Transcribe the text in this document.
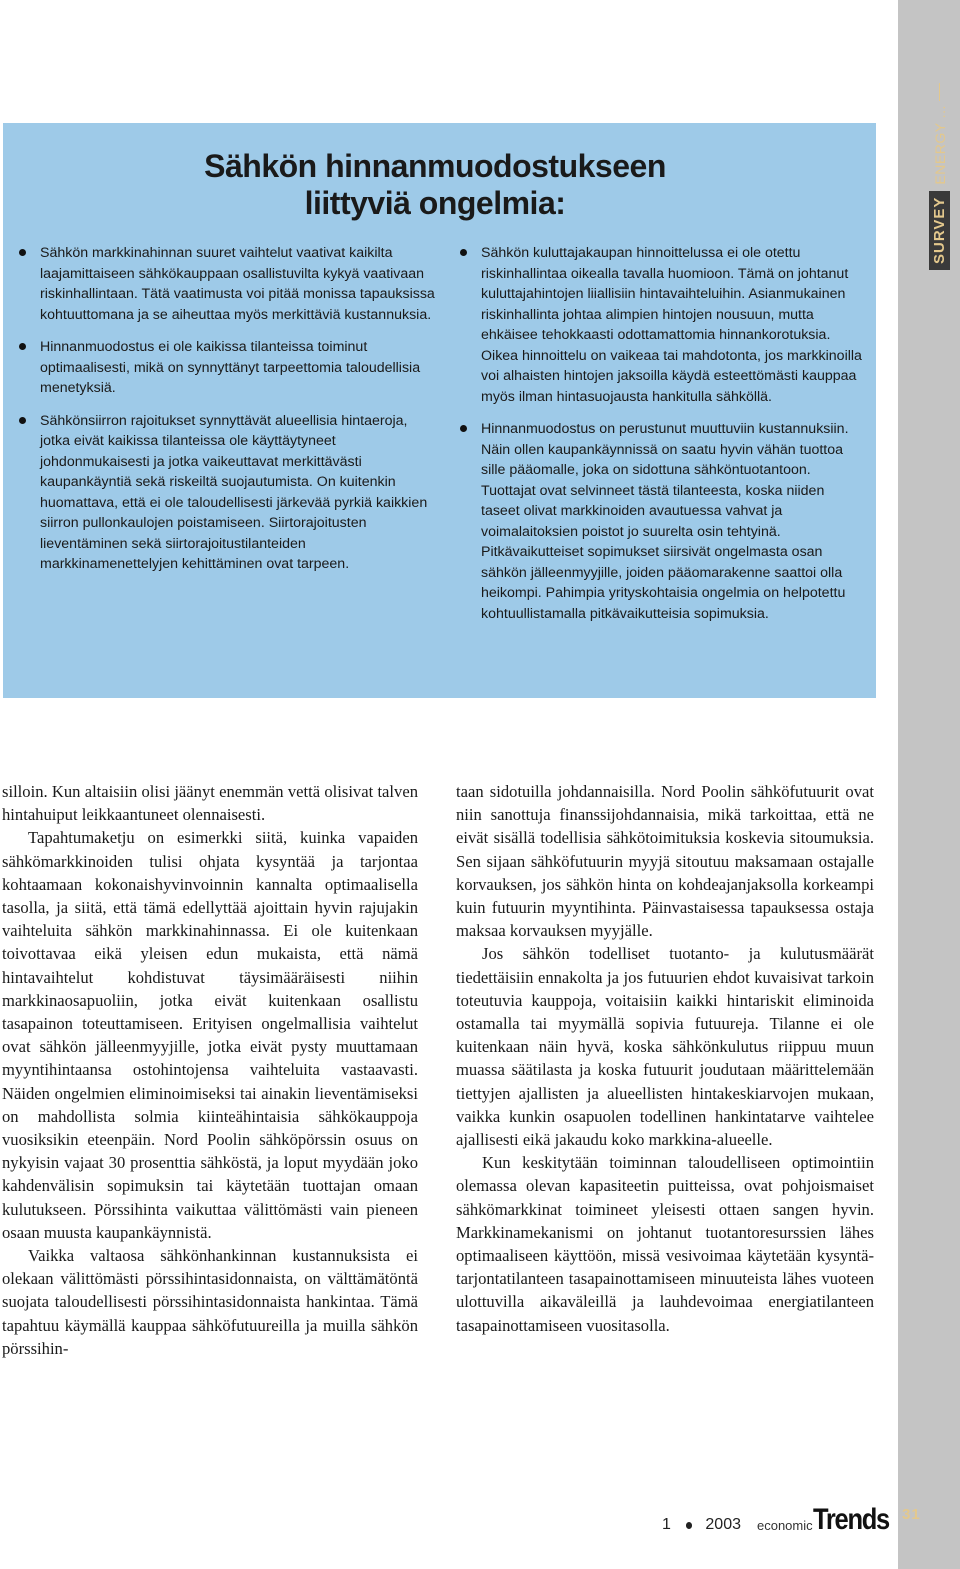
SURVEY
ENERGY ...
Sähkön hinnanmuodostukseen
liittyviä ongelmia:
Sähkön markkinahinnan suuret vaihtelut vaativat kaikilta laajamittaiseen sähkökauppaan osallistuvilta kykyä vaativaan riskinhallintaan. Tätä vaatimusta voi pitää monissa tapauksissa kohtuuttomana ja se aiheuttaa myös merkittäviä kustannuksia.
Hinnanmuodostus ei ole kaikissa tilanteissa toiminut optimaalisesti, mikä on synnyttänyt tarpeettomia taloudellisia menetyksiä.
Sähkönsiirron rajoitukset synnyttävät alueellisia hintaeroja, jotka eivät kaikissa tilanteissa ole käyttäytyneet johdonmukaisesti ja jotka vaikeuttavat merkittävästi kaupankäyntiä sekä riskeiltä suojautumista. On kuitenkin huomattava, että ei ole taloudellisesti järkevää pyrkiä kaikkien siirron pullonkaulojen poistamiseen. Siirtorajoitusten lieventäminen sekä siirtorajoitustilanteiden markkinamenettelyjen kehittäminen ovat tarpeen.
Sähkön kuluttajakaupan hinnoittelussa ei ole otettu riskinhallintaa oikealla tavalla huomioon. Tämä on johtanut kuluttajahintojen liiallisiin hintavaihteluihin. Asianmukainen riskinhallinta johtaa alimpien hintojen nousuun, mutta ehkäisee tehokkaasti odottamattomia hinnankorotuksia. Oikea hinnoittelu on vaikeaa tai mahdotonta, jos markkinoilla voi alhaisten hintojen jaksoilla käydä esteettömästi kauppaa myös ilman hintasuojausta hankitulla sähköllä.
Hinnanmuodostus on perustunut muuttuviin kustannuksiin. Näin ollen kaupankäynnissä on saatu hyvin vähän tuottoa sille pääomalle, joka on sidottuna sähköntuotantoon. Tuottajat ovat selvinneet tästä tilanteesta, koska niiden taseet olivat markkinoiden avautuessa vahvat ja voimalaitoksien poistot jo suurelta osin tehtyinä. Pitkävaikutteiset sopimukset siirsivät ongelmasta osan sähkön jälleenmyyjille, joiden pääomarakenne saattoi olla heikompi. Pahimpia yrityskohtaisia ongelmia on helpotettu kohtuullistamalla pitkävaikutteisia sopimuksia.

silloin. Kun altaisiin olisi jäänyt enemmän vettä olisivat talven hintahuiput leikkaantuneet olennaisesti.

Tapahtumaketju on esimerkki siitä, kuinka vapaiden sähkömarkkinoiden tulisi ohjata kysyntää ja tarjontaa kohtaamaan kokonaishyvinvoinnin kannalta optimaalisella tasolla, ja siitä, että tämä edellyttää ajoittain hyvin rajujakin vaihteluita sähkön markkinahinnassa. Ei ole kuitenkaan toivottavaa eikä yleisen edun mukaista, että nämä hintavaihtelut kohdistuvat täysimääräisesti niihin markkinaosapuoliin, jotka eivät kuitenkaan osallistu tasapainon toteuttamiseen. Erityisen ongelmallisia vaihtelut ovat sähkön jälleenmyyjille, jotka eivät pysty muuttamaan myyntihintaansa ostohintojensa vaihteluita vastaavasti. Näiden ongelmien eliminoimiseksi tai ainakin lieventämiseksi on mahdollista solmia kiinteähintaisia sähkökauppoja vuosiksikin eteenpäin. Nord Poolin sähköpörssin osuus on nykyisin vajaat 30 prosenttia sähköstä, ja loput myydään joko kahdenvälisin sopimuksin tai käytetään tuottajan omaan kulutukseen. Pörssihinta vaikuttaa välittömästi vain pieneen osaan muusta kaupankäynnistä.

Vaikka valtaosa sähkönhankinnan kustannuksista ei olekaan välittömästi pörssihintasidonnaista, on välttämätöntä suojata taloudellisesti pörssihintasidonnaista hankintaa. Tämä tapahtuu käymällä kauppaa sähköfutuureilla ja muilla sähkön pörssihin-

taan sidotuilla johdannaisilla. Nord Poolin sähköfutuurit ovat niin sanottuja finanssijohdannaisia, mikä tarkoittaa, että ne eivät sisällä todellisia sähkötoimituksia koskevia sitoumuksia. Sen sijaan sähköfutuurin myyjä sitoutuu maksamaan ostajalle korvauksen, jos sähkön hinta on kohdeajanjaksolla korkeampi kuin futuurin myyntihinta. Päinvastaisessa tapauksessa ostaja maksaa korvauksen myyjälle.

Jos sähkön todelliset tuotanto- ja kulutusmäärät tiedettäisiin ennakolta ja jos futuurien ehdot kuvaisivat tarkoin toteutuvia kauppoja, voitaisiin kaikki hintariskit eliminoida ostamalla tai myymällä sopivia futuureja. Tilanne ei ole kuitenkaan näin hyvä, koska sähkönkulutus riippuu muun muassa säätilasta ja koska futuurit joudutaan määrittelemään tiettyjen ajallisten ja alueellisten hintakeskiarvojen mukaan, vaikka kunkin osapuolen todellinen hankintatarve vaihtelee ajallisesti eikä jakaudu koko markkina-alueelle.

Kun keskitytään toiminnan taloudelliseen optimointiin olemassa olevan kapasiteetin puitteissa, ovat pohjoismaiset sähkömarkkinat toimineet yleisesti ottaen sangen hyvin. Markkinamekanismi on johtanut tuotantoresurssien lähes optimaaliseen käyttöön, missä vesivoimaa käytetään kysyntä-tarjontatilanteen tasapainottamiseen minuuteista lähes vuoteen ulottuvilla aikaväleillä ja lauhdevoimaa energiatilanteen tasapainottamiseen vuositasolla.

1 2003 economic Trends 31
